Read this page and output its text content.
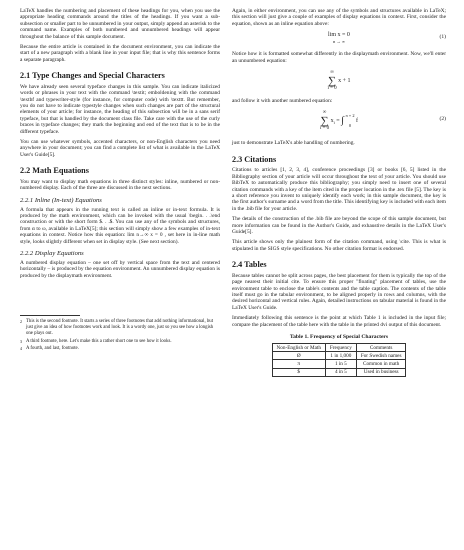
LaTeX handles the numbering and placement of these headings for you, when you use the appropriate heading commands around the titles of the headings. If you want a sub-subsection or smaller part to be unnumbered in your output, simply append an asterisk to the command name. Examples of both numbered and unnumbered headings will appear throughout the balance of this sample document.

Because the entire article is contained in the document environment, you can indicate the start of a new paragraph with a blank line in your input file; that is why this sentence forms a separate paragraph.

2.1 Type Changes and Special Characters

We have already seen several typeface changes in this sample. You can indicate italicized words or phrases in your text with the command \textit; emboldening with the command \textbf and typewriter-style (for instance, for computer code) with \texttt. But remember, you do not have to indicate typestyle changes when such changes are part of the structural elements of your article; for instance, the heading of this subsection will be in a sans serif typeface, but that is handled by the document class file. Take care with the use of the curly braces in typeface changes; they mark the beginning and end of the text that is to be in the different typeface.

You can use whatever symbols, accented characters, or non-English characters you need anywhere in your document; you can find a complete list of what is available in the LaTeX User's Guide[5].

2.2 Math Equations

You may want to display math equations in three distinct styles: inline, numbered or non-numbered display. Each of the three are discussed in the next sections.

2.2.1 Inline (In-text) Equations

A formula that appears in the running text is called an inline or in-text formula. It is produced by the math environment, which can be invoked with the usual \begin. . .\end construction or with the short form $. . .$. You can use any of the symbols and structures, from α to ω, available in LaTeX[5]; this section will simply show a few examples of in-text equations in context. Notice how this equation: lim n→∞ x = 0 , set here in in-line math style, looks slightly different when set in display style. (See next section).

2.2.2 Display Equations

A numbered display equation – one set off by vertical space from the text and centered horizontally – is produced by the equation environment. An unnumbered display equation is produced by the displaymath environment.

2 This is the second footnote. It starts a series of three footnotes that add nothing informational, but just give an idea of how footnotes work and look. It is a wordy one, just so you see how a longish one plays out.
3 A third footnote, here. Let's make this a rather short one to see how it looks.
4 A fourth, and last, footnote.

Again, in either environment, you can use any of the symbols and structures available in LaTeX; this section will just give a couple of examples of display equations in context. First, consider the equation, shown as an inline equation above:

lim x = 0
n → ∞
(1)

Notice how it is formatted somewhat differently in the displaymath environment. Now, we'll enter an unnumbered equation:

∞
∑
i = 0 x + 1

and follow it with another numbered equation:

∞
∑
i = 0 $x_i$ = ∫ π + 2
0 f	(2)

just to demonstrate LaTeX's able handling of numbering.

2.3 Citations

Citations to articles [1, 2, 3, 4], conference proceedings [3] or books [6, 5] listed in the Bibliography section of your article will occur throughout the text of your article. You should use BibTeX to automatically produce this bibliography; you simply need to insert one of several citation commands with a key of the item cited in the proper location in the .tex file [5]. The key is a short reference you invent to uniquely identify each work; in this sample document, the key is the first author's surname and a word from the title. This identifying key is included with each item in the .bib file for your article.

The details of the construction of the .bib file are beyond the scope of this sample document, but more information can be found in the Author's Guide, and exhaustive details in the LaTeX User's Guide[5].

This article shows only the plainest form of the citation command, using \cite. This is what is stipulated in the SIGS style specifications. No other citation format is endorsed.

2.4 Tables

Because tables cannot be split across pages, the best placement for them is typically the top of the page nearest their initial cite. To ensure this proper "floating" placement of tables, use the environment table to enclose the table's contents and the table caption. The contents of the table itself must go in the tabular environment, to be aligned properly in rows and columns, with the desired horizontal and vertical rules. Again, detailed instructions on tabular material is found in the LaTeX User's Guide.

Immediately following this sentence is the point at which Table 1 is included in the input file; compare the placement of the table here with the table in the printed dvi output of this document.

Table 1. Frequency of Special Characters
Non-English or Math	Frequency	Comments
Ø	1 in 1,000	For Swedish names
π	1 in 5	Common in math
$	4 in 5	Used in business
